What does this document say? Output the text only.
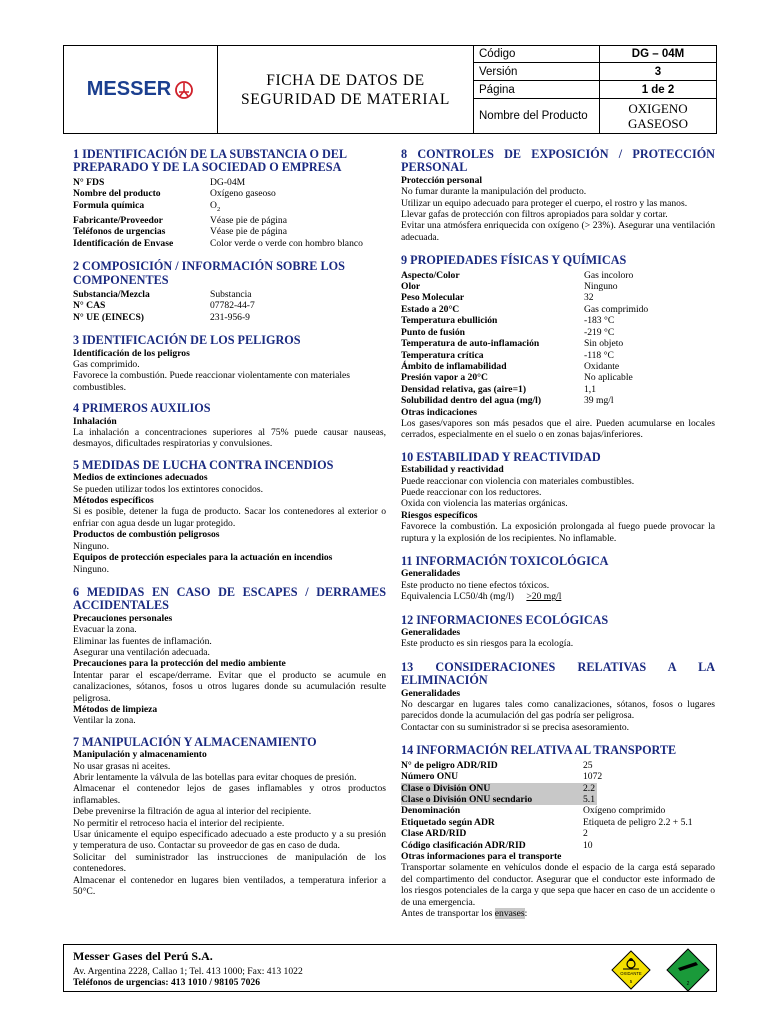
MESSER	FICHA DE DATOS DE
SEGURIDAD DE MATERIAL
Código	DG – 04M
Versión	3
Página	1 de 2
Nombre del Producto	OXIGENO GASEOSO
1 IDENTIFICACIÓN DE LA SUBSTANCIA O DEL PREPARADO Y DE LA SOCIEDAD O EMPRESA
N° FDS	DG-04M
Nombre del producto	Oxígeno gaseoso
Formula química	$O_2$
Fabricante/Proveedor	Véase pie de página
Teléfonos de urgencias	Véase pie de página
Identificación de Envase	Color verde o verde con hombro blanco
2 COMPOSICIÓN / INFORMACIÓN SOBRE LOS COMPONENTES
Substancia/Mezcla	Substancia
N° CAS	07782-44-7
N° UE (EINECS)	231-956-9
3 IDENTIFICACIÓN DE LOS PELIGROS
Identificación de los peligros
Gas comprimido.
Favorece la combustión. Puede reaccionar violentamente con materiales combustibles.
4 PRIMEROS AUXILIOS
Inhalación
La inhalación a concentraciones superiores al 75% puede causar nauseas, desmayos, dificultades respiratorias y convulsiones.
5 MEDIDAS DE LUCHA CONTRA INCENDIOS
Medios de extinciones adecuados
Se pueden utilizar todos los extintores conocidos.
Métodos específicos
Si es posible, detener la fuga de producto. Sacar los contenedores al exterior o enfriar con agua desde un lugar protegido.
Productos de combustión peligrosos
Ninguno.
Equipos de protección especiales para la actuación en incendios
Ninguno.
6 MEDIDAS EN CASO DE ESCAPES / DERRAMES ACCIDENTALES
Precauciones personales
Evacuar la zona.
Eliminar las fuentes de inflamación.
Asegurar una ventilación adecuada.
Precauciones para la protección del medio ambiente
Intentar parar el escape/derrame. Evitar que el producto se acumule en canalizaciones, sótanos, fosos u otros lugares donde su acumulación resulte peligrosa.
Métodos de limpieza
Ventilar la zona.
7 MANIPULACIÓN Y ALMACENAMIENTO
Manipulación y almacenamiento
No usar grasas ni aceites.
Abrir lentamente la válvula de las botellas para evitar choques de presión.
Almacenar el contenedor lejos de gases inflamables y otros productos inflamables.
Debe prevenirse la filtración de agua al interior del recipiente.
No permitir el retroceso hacia el interior del recipiente.
Usar únicamente el equipo especificado adecuado a este producto y a su presión y temperatura de uso. Contactar su proveedor de gas en caso de duda.
Solicitar del suministrador las instrucciones de manipulación de los contenedores.
Almacenar el contenedor en lugares bien ventilados, a temperatura inferior a 50°C.
8 CONTROLES DE EXPOSICIÓN / PROTECCIÓN PERSONAL
Protección personal
No fumar durante la manipulación del producto.
Utilizar un equipo adecuado para proteger el cuerpo, el rostro y las manos.
Llevar gafas de protección con filtros apropiados para soldar y cortar.
Evitar una atmósfera enriquecida con oxígeno (> 23%). Asegurar una ventilación adecuada.
9 PROPIEDADES FÍSICAS Y QUÍMICAS
Aspecto/Color	Gas incoloro
Olor	Ninguno
Peso Molecular	32
Estado a 20°C	Gas comprimido
Temperatura ebullición	-183 °C
Punto de fusión	-219 °C
Temperatura de auto-inflamación	Sin objeto
Temperatura crítica	-118 °C
Ámbito de inflamabilidad	Oxidante
Presión vapor a 20°C	No aplicable
Densidad relativa, gas (aire=1)	1,1
Solubilidad dentro del agua (mg/l)	39 mg/l
Otras indicaciones
Los gases/vapores son más pesados que el aire. Pueden acumularse en locales cerrados, especialmente en el suelo o en zonas bajas/inferiores.
10 ESTABILIDAD Y REACTIVIDAD
Estabilidad y reactividad
Puede reaccionar con violencia con materiales combustibles.
Puede reaccionar con los reductores.
Oxida con violencia las materias orgánicas.
Riesgos específicos
Favorece la combustión. La exposición prolongada al fuego puede provocar la ruptura y la explosión de los recipientes. No inflamable.
11 INFORMACIÓN TOXICOLÓGICA
Generalidades
Este producto no tiene efectos tóxicos.
Equivalencia LC50/4h (mg/l) >20 mg/l
12 INFORMACIONES ECOLÓGICAS
Generalidades
Este producto es sin riesgos para la ecología.
13 CONSIDERACIONES RELATIVAS A LA ELIMINACIÓN
Generalidades
No descargar en lugares tales como canalizaciones, sótanos, fosos o lugares parecidos donde la acumulación del gas podría ser peligrosa.
Contactar con su suministrador si se precisa asesoramiento.
14 INFORMACIÓN RELATIVA AL TRANSPORTE
N° de peligro ADR/RID	25
Número ONU	1072
Clase o División ONU	2.2
Clase o División ONU secndario	5.1
Denominación	Oxígeno comprimido
Etiquetado según ADR	Etiqueta de peligro 2.2 + 5.1
Clase ARD/RID	2
Código clasificación ADR/RID	10
Otras informaciones para el transporte
Transportar solamente en vehículos donde el espacio de la carga está separado del compartimento del conductor. Asegurar que el conductor este informado de los riesgos potenciales de la carga y que sepa que hacer en caso de un accidente o de una emergencia.
Antes de transportar los envases:
Messer Gases del Perú S.A.
Av. Argentina 2228, Callao 1; Tel. 413 1000; Fax: 413 1022
Teléfonos de urgencias: 413 1010 / 98105 7026
OXIDANTE
5	2
